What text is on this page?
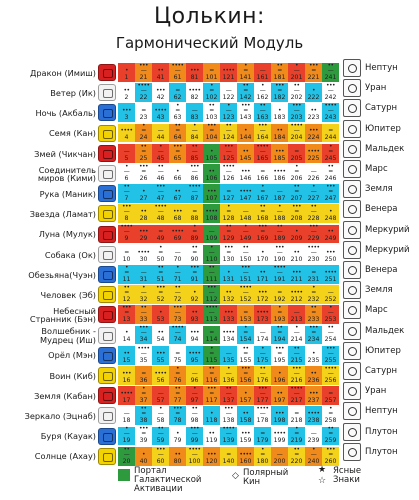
Цолькин:
Гармонический Модуль
Дракон (Имиш)
Ветер (Ик)
Ночь (Акбаль)
Семя (Кан)
Змей (Чикчан)
Соединитель
миров (Кими)
Рука (Маник)
Звезда (Ламат)
Луна (Мулук)
Собака (Ок)
Обезьяна(Чуэн)
Человек (Эб)
Небесный
Странник (Бэн)
Волшебник -
Мудрец (Иш)
Орёл (Мэн)
Воин (Киб)
Земля (Кабан)
Зеркало (Эцнаб)
Буря (Кауак)
Солнце (Ахау)
•
1
•••
—
21
••
41
••••
—
61
•••
81
=
101
••••
121
•
=
141
—
161
••
=
181
•
—
201
•••
=
221
••
—
241
••
2
••••
—
22
•••
42
=
62
••••
82
•
=
102
—
122
••
=
142
•
—
162
•••
=
182
••
—
202
•
222
•••
—
242
•••
3
=
23
••••
43
•
=
63
—
83
••
=
103
•
—
123
•••
=
143
••
—
163
•
183
•••
—
203
••
223
••••
—
243
••••
4
•
=
24
—
44
••
=
64
•
—
84
•••
=
104
••
—
124
•
144
•••
—
164
••
184
••••
—
204
•••
224
=
244
—
5
••
=
25
•
—
45
•••
=
65
••
—
85
•
105
•••
—
125
••
145
••••
—
165
•••
185
=
205
••••
225
•
=
245
•
—
6
•••
=
26
••
—
46
•
66
•••
—
86
••
106
••••
—
126
•••
146
=
166
••••
186
•
=
206
—
226
••
=
246
••
—
7
•
27
•••
—
47
••
67
••••
—
87
•••
107
=
127
••••
147
•
=
167
—
187
••
=
207
•
—
227
•••
=
247
•••
—
8
••
28
••••
—
48
•••
68
=
88
••••
108
•
=
128
—
148
••
=
168
•
—
188
•••
=
208
••
—
228
•
248
••••
—
9
•••
29
=
49
••••
69
•
=
89
—
109
••
=
129
•
—
149
•••
=
169
••
—
189
•
209
•••
—
229
••
249
=
10
••••
30
•
=
50
—
70
••
=
90
•
—
110
•••
=
130
••
—
150
•
170
•••
—
190
••
210
••••
—
230
•••
250
•
=
11
—
31
••
=
51
•
—
71
•••
=
91
••
—
111
•
131
•••
—
151
••
171
••••
—
191
•••
211
=
231
••••
251
••
=
12
•
—
32
•••
=
52
••
—
72
•
92
•••
—
112
••
132
••••
—
152
•••
172
=
192
••••
212
•
=
232
—
252
•••
=
13
••
—
33
•
53
•••
—
73
••
93
••••
—
113
•••
133
=
153
••••
173
•
=
193
—
213
••
=
233
•
—
253
•
14
•••
—
34
••
54
••••
—
74
•••
94
=
114
••••
134
•
=
154
—
174
••
=
194
•
—
214
•••
=
234
••
—
254
••
15
••••
—
35
•••
55
=
75
••••
95
•
=
115
—
135
••
=
155
•
—
175
•••
=
195
••
—
215
•
235
•••
—
255
•••
16
=
36
••••
56
•
=
76
—
96
••
=
116
•
—
136
•••
=
156
••
—
176
•
196
•••
—
216
••
236
••••
—
256
••••
17
•
=
37
—
57
••
=
77
•
—
97
•••
=
117
••
—
137
•
157
•••
—
177
••
197
••••
—
217
•••
237
=
257
—
18
••
=
38
•
—
58
•••
=
78
••
—
98
•
118
•••
—
138
••
158
••••
—
178
•••
198
=
218
••••
238
•
=
258
•
—
19
•••
=
39
••
—
59
•
79
•••
—
99
••
119
••••
—
139
•••
159
=
179
••••
199
•
=
219
—
239
••
=
259
••
—
20
•
40
•••
—
60
••
80
••••
—
100
•••
120
=
140
••••
160
•
=
180
—
200
••
=
220
•
—
240
•••
=
260
Нептун
Уран
Сатурн
Юпитер
Мальдек
Марс
Земля
Венера
Меркурий
Меркурий
Венера
Земля
Марс
Мальдек
Юпитер
Сатурн
Уран
Нептун
Плутон
Плутон
Портал
Галактической
Активации
◇ Полярный
Кин
★
☆
Ясные
Знаки
